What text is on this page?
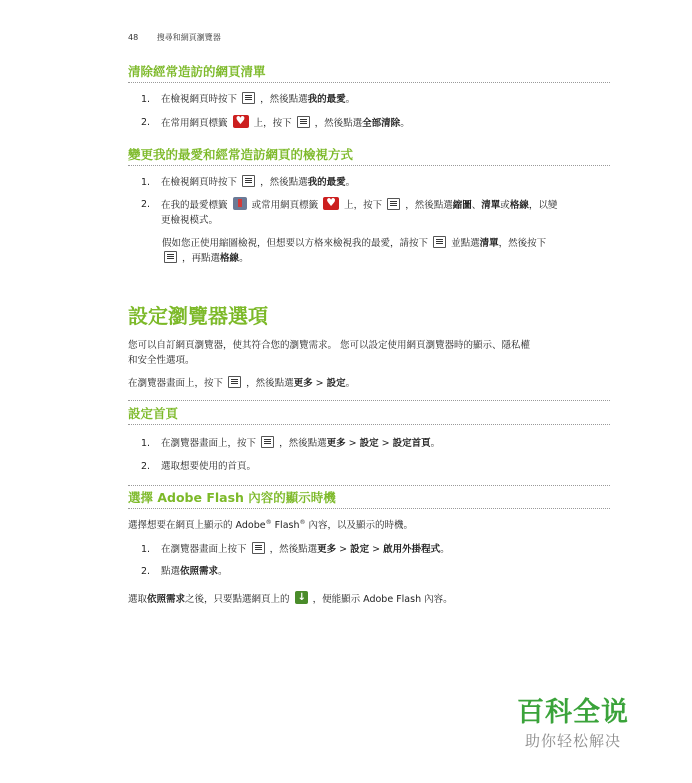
48 搜尋和網頁瀏覽器
清除經常造訪的網頁清單
1. 在檢視網頁時按下 ，然後點選我的最愛。
2. 在常用網頁標籤 ♥	上，按下 ，然後點選全部清除。
變更我的最愛和經常造訪網頁的檢視方式
1. 在檢視網頁時按下 ，然後點選我的最愛。
2. 在我的最愛標籤	或常用網頁標籤 ♥	上，按下 ，然後點選縮圖、清單或格線，以變
更檢視模式。
假如您正使用縮圖檢視，但想要以方格來檢視我的最愛，請按下 並點選清單，然後按下
，再點選格線。
設定瀏覽器選項
您可以自訂網頁瀏覽器，使其符合您的瀏覽需求。 您可以設定使用網頁瀏覽器時的顯示、隱私權
和安全性選項。
在瀏覽器畫面上，按下 ，然後點選更多 > 設定。
設定首頁
1. 在瀏覽器畫面上，按下 ，然後點選更多 > 設定 > 設定首頁。
2. 選取想要使用的首頁。
選擇 Adobe Flash 內容的顯示時機
選擇想要在網頁上顯示的 Adobe® Flash® 內容，以及顯示的時機。
1. 在瀏覽器畫面上按下 ，然後點選更多 > 設定 > 啟用外掛程式。
2. 點選依照需求。
選取依照需求之後，只要點選網頁上的 ↓ ，便能顯示 Adobe Flash 內容。
百科全说
助你轻松解决
